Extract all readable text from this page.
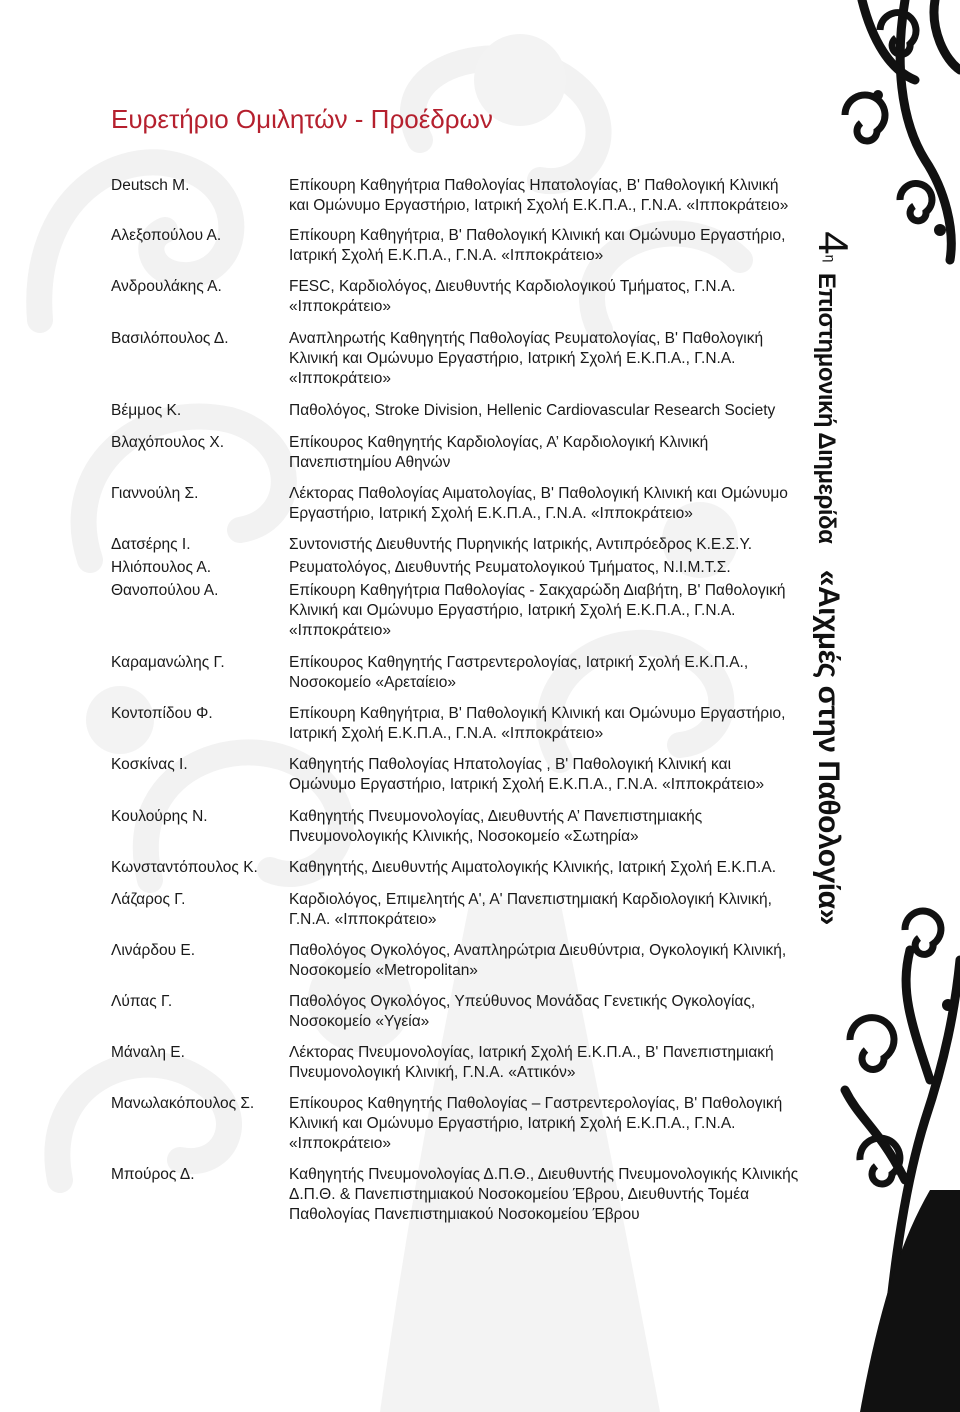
Ευρετήριο Ομιλητών - Προέδρων
4η Επιστημονική Διημερίδα «Αιχμές στην Παθολογία»
Deutsch M.	Επίκουρη Καθηγήτρια Παθολογίας Ηπατολογίας, Β' Παθολογική Κλινική και Ομώνυμο Εργαστήριο, Ιατρική Σχολή Ε.Κ.Π.Α., Γ.Ν.Α. «Ιπποκράτειο»
Αλεξοπούλου Α.	Επίκουρη Καθηγήτρια, Β' Παθολογική Κλινική και Ομώνυμο Εργαστήριο, Ιατρική Σχολή Ε.Κ.Π.Α., Γ.Ν.Α. «Ιπποκράτειο»
Ανδρουλάκης Α.	FESC, Καρδιολόγος, Διευθυντής Καρδιολογικού Τμήματος, Γ.Ν.Α. «Ιπποκράτειο»
Βασιλόπουλος Δ.	Αναπληρωτής Καθηγητής Παθολογίας Ρευματολογίας, Β' Παθολογική Κλινική και Ομώνυμο Εργαστήριο, Ιατρική Σχολή Ε.Κ.Π.Α., Γ.Ν.Α. «Ιπποκράτειο»
Βέμμος Κ.	Παθολόγος, Stroke Division, Hellenic Cardiovascular Research Society
Βλαχόπουλος Χ.	Επίκουρος Καθηγητής Καρδιολογίας, Α’ Καρδιολογική Κλινική Πανεπιστημίου Αθηνών
Γιαννούλη Σ.	Λέκτορας Παθολογίας Αιματολογίας, Β' Παθολογική Κλινική και Ομώνυμο Εργαστήριο, Ιατρική Σχολή Ε.Κ.Π.Α., Γ.Ν.Α. «Ιπποκράτειο»
Δατσέρης Ι.	Συντονιστής Διευθυντής Πυρηνικής Ιατρικής, Αντιπρόεδρος Κ.Ε.Σ.Υ.
Ηλιόπουλος Α.	Ρευματολόγος, Διευθυντής Ρευματολογικού Τμήματος, Ν.Ι.Μ.Τ.Σ.
Θανοπούλου Α.	Επίκουρη Καθηγήτρια Παθολογίας - Σακχαρώδη Διαβήτη, Β' Παθολογική Κλινική και Ομώνυμο Εργαστήριο, Ιατρική Σχολή Ε.Κ.Π.Α., Γ.Ν.Α. «Ιπποκράτειο»
Καραμανώλης Γ.	Επίκουρος Καθηγητής Γαστρεντερολογίας, Ιατρική Σχολή Ε.Κ.Π.Α., Νοσοκομείο «Αρεταίειο»
Κοντοπίδου Φ.	Επίκουρη Καθηγήτρια, Β' Παθολογική Κλινική και Ομώνυμο Εργαστήριο, Ιατρική Σχολή Ε.Κ.Π.Α., Γ.Ν.Α. «Ιπποκράτειο»
Κοσκίνας Ι.	Καθηγητής Παθολογίας Ηπατολογίας , Β' Παθολογική Κλινική και Ομώνυμο Εργαστήριο, Ιατρική Σχολή Ε.Κ.Π.Α., Γ.Ν.Α. «Ιπποκράτειο»
Κουλούρης Ν.	Καθηγητής Πνευμονολογίας, Διευθυντής Α’ Πανεπιστημιακής Πνευμονολογικής Κλινικής, Νοσοκομείο «Σωτηρία»
Κωνσταντόπουλος Κ. Καθηγητής, Διευθυντής Αιματολογικής Κλινικής, Ιατρική Σχολή Ε.Κ.Π.Α.
Λάζαρος Γ.	Καρδιολόγος, Επιμελητής Α', Α' Πανεπιστημιακή Καρδιολογική Κλινική, Γ.Ν.Α. «Ιπποκράτειο»
Λινάρδου Ε.	Παθολόγος Ογκολόγος, Αναπληρώτρια Διευθύντρια, Ογκολογική Κλινική, Νοσοκομείο «Metropolitan»
Λύπας Γ.	Παθολόγος Ογκολόγος, Υπεύθυνος Μονάδας Γενετικής Ογκολογίας, Νοσοκομείο «Υγεία»
Μάναλη Ε.	Λέκτορας Πνευμονολογίας, Ιατρική Σχολή Ε.Κ.Π.Α., Β' Πανεπιστημιακή Πνευμονολογική Κλινική, Γ.Ν.Α. «Αττικόν»
Μανωλακόπουλος Σ. Επίκουρος Καθηγητής Παθολογίας – Γαστρεντερολογίας, Β' Παθολογική Κλινική και Ομώνυμο Εργαστήριο, Ιατρική Σχολή Ε.Κ.Π.Α., Γ.Ν.Α. «Ιπποκράτειο»
Μπούρος Δ.	Καθηγητής Πνευμονολογίας Δ.Π.Θ., Διευθυντής Πνευμονολογικής Κλινικής Δ.Π.Θ. & Πανεπιστημιακού Νοσοκομείου Έβρου, Διευθυντής Τομέα Παθολογίας Πανεπιστημιακού Νοσοκομείου Έβρου
